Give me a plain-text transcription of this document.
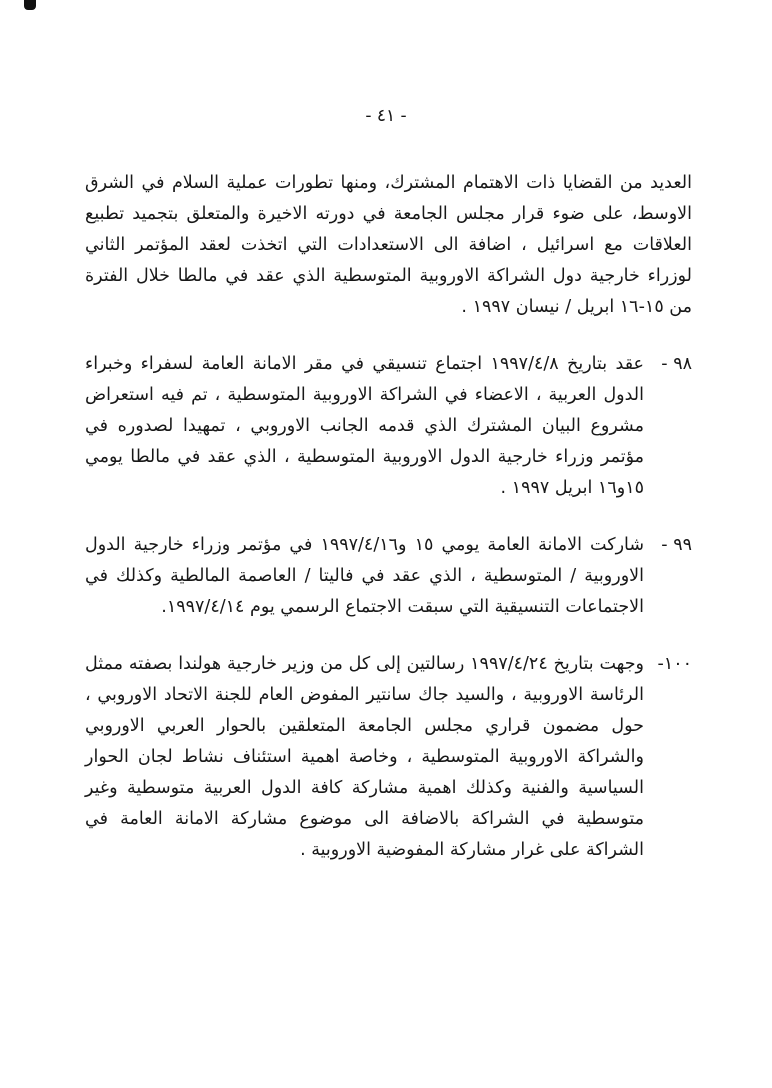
- ٤١ -
العديد من القضايا ذات الاهتمام المشترك، ومنها تطورات عملية السلام في الشرق الاوسط، على ضوء قرار مجلس الجامعة في دورته الاخيرة والمتعلق بتجميد تطبيع العلاقات مع اسرائيل ، اضافة الى الاستعدادات التي اتخذت لعقد المؤتمر الثاني لوزراء خارجية دول الشراكة الاوروبية المتوسطية الذي عقد في مالطا خلال الفترة من ١٥-١٦ ابريل / نيسان ١٩٩٧ .
٩٨ -
عقد بتاريخ ١٩٩٧/٤/٨ اجتماع تنسيقي في مقر الامانة العامة لسفراء وخبراء الدول العربية ، الاعضاء في الشراكة الاوروبية المتوسطية ، تم فيه استعراض مشروع البيان المشترك الذي قدمه الجانب الاوروبي ، تمهيدا لصدوره في مؤتمر وزراء خارجية الدول الاوروبية المتوسطية ، الذي عقد في مالطا يومي ١٥و١٦ ابريل ١٩٩٧ .
٩٩ -
شاركت الامانة العامة يومي ١٥ و١٩٩٧/٤/١٦ في مؤتمر وزراء خارجية الدول الاوروبية / المتوسطية ، الذي عقد في فاليتا / العاصمة المالطية وكذلك في الاجتماعات التنسيقية التي سبقت الاجتماع الرسمي يوم ١٩٩٧/٤/١٤.
١٠٠-
وجهت بتاريخ ١٩٩٧/٤/٢٤ رسالتين إلى كل من وزير خارجية هولندا بصفته ممثل الرئاسة الاوروبية ، والسيد جاك سانتير المفوض العام للجنة الاتحاد الاوروبي ، حول مضمون قراري مجلس الجامعة المتعلقين بالحوار العربي الاوروبي والشراكة الاوروبية المتوسطية ، وخاصة اهمية استئناف نشاط لجان الحوار السياسية والفنية وكذلك اهمية مشاركة كافة الدول العربية متوسطية وغير متوسطية في الشراكة بالاضافة الى موضوع مشاركة الامانة العامة في الشراكة على غرار مشاركة المفوضية الاوروبية .
